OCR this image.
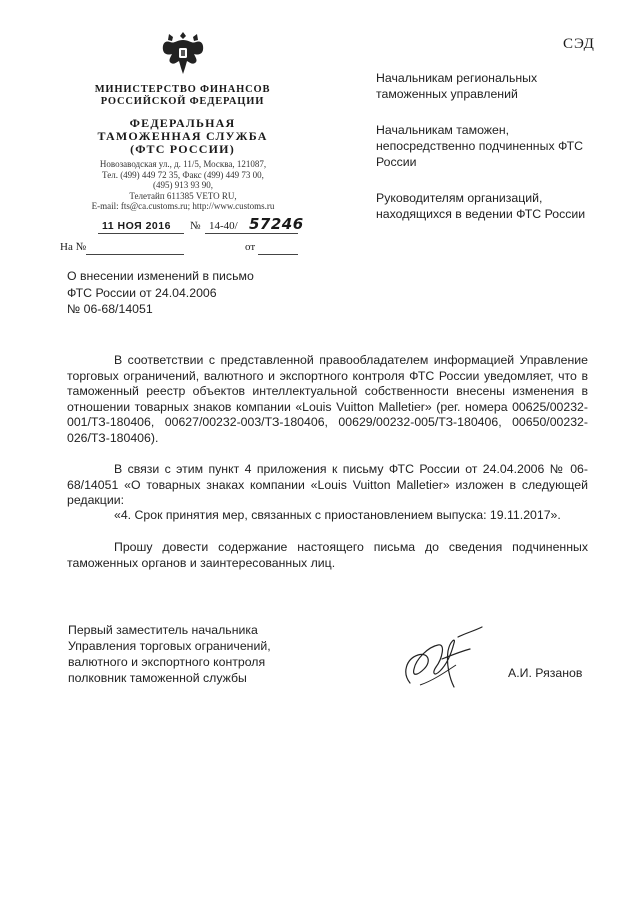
СЭД
МИНИСТЕРСТВО ФИНАНСОВ
РОССИЙСКОЙ ФЕДЕРАЦИИ
ФЕДЕРАЛЬНАЯ
ТАМОЖЕННАЯ СЛУЖБА
(ФТС РОССИИ)
Новозаводская ул., д. 11/5, Москва, 121087,
Тел. (499) 449 72 35, Факс (499) 449 73 00,
(495) 913 93 90,
Телетайп 611385 VETO RU,
E-mail: fts@ca.customs.ru; http://www.customs.ru
11 НОЯ 2016 № 14-40/ 57246
На №	от
Начальникам региональных таможенных управлений
Начальникам таможен, непосредственно подчиненных ФТС России
Руководителям организаций, находящихся в ведении ФТС России
О внесении изменений в письмо
ФТС России от 24.04.2006
№ 06-68/14051

В соответствии с представленной правообладателем информацией Управление торговых ограничений, валютного и экспортного контроля ФТС России уведомляет, что в таможенный реестр объектов интеллектуальной собственности внесены изменения в отношении товарных знаков компании «Louis Vuitton Malletier» (рег. номера 00625/00232-001/ТЗ-180406, 00627/00232-003/ТЗ-180406, 00629/00232-005/ТЗ-180406, 00650/00232-026/ТЗ-180406).

В связи с этим пункт 4 приложения к письму ФТС России от 24.04.2006 № 06-68/14051 «О товарных знаках компании «Louis Vuitton Malletier» изложен в следующей редакции:

«4. Срок принятия мер, связанных с приостановлением выпуска: 19.11.2017».

Прошу довести содержание настоящего письма до сведения подчиненных таможенных органов и заинтересованных лиц.

Первый заместитель начальника
Управления торговых ограничений,
валютного и экспортного контроля
полковник таможенной службы	А.И. Рязанов
